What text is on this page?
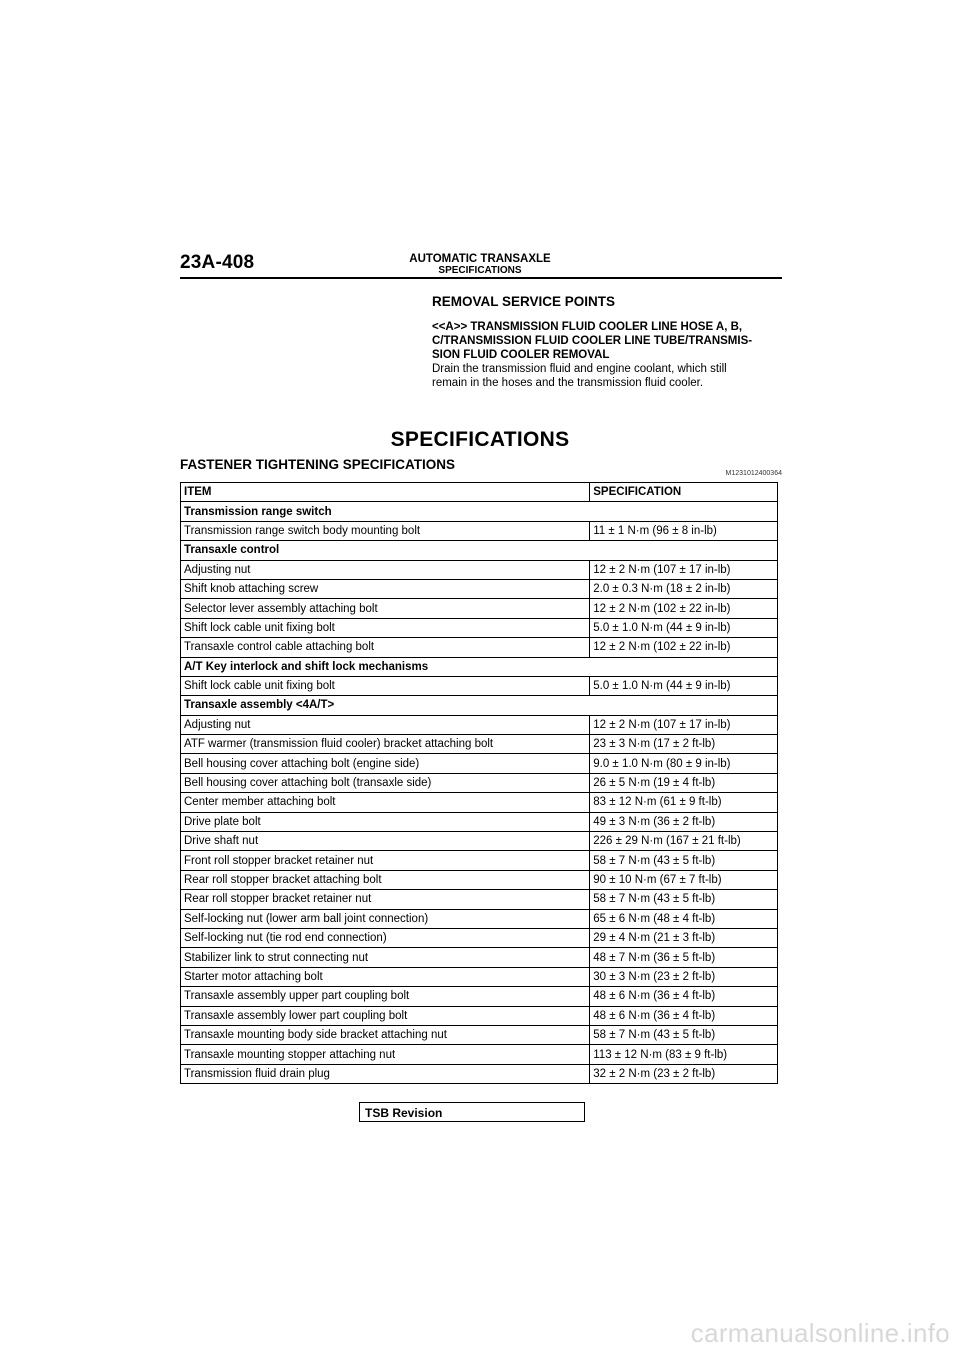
23A-408	AUTOMATIC TRANSAXLE
SPECIFICATIONS
REMOVAL SERVICE POINTS

<<A>> TRANSMISSION FLUID COOLER LINE HOSE A, B,
C/TRANSMISSION FLUID COOLER LINE TUBE/TRANSMIS-
SION FLUID COOLER REMOVAL

Drain the transmission fluid and engine coolant, which still
remain in the hoses and the transmission fluid cooler.

SPECIFICATIONS
FASTENER TIGHTENING SPECIFICATIONS
M1231012400364
ITEM	SPECIFICATION
Transmission range switch	
Transmission range switch body mounting bolt	11 ± 1 N·m (96 ± 8 in-lb)
Transaxle control	
Adjusting nut	12 ± 2 N·m (107 ± 17 in-lb)
Shift knob attaching screw	2.0 ± 0.3 N·m (18 ± 2 in-lb)
Selector lever assembly attaching bolt	12 ± 2 N·m (102 ± 22 in-lb)
Shift lock cable unit fixing bolt	5.0 ± 1.0 N·m (44 ± 9 in-lb)
Transaxle control cable attaching bolt	12 ± 2 N·m (102 ± 22 in-lb)
A/T Key interlock and shift lock mechanisms	
Shift lock cable unit fixing bolt	5.0 ± 1.0 N·m (44 ± 9 in-lb)
Transaxle assembly <4A/T>	
Adjusting nut	12 ± 2 N·m (107 ± 17 in-lb)
ATF warmer (transmission fluid cooler) bracket attaching bolt	23 ± 3 N·m (17 ± 2 ft-lb)
Bell housing cover attaching bolt (engine side)	9.0 ± 1.0 N·m (80 ± 9 in-lb)
Bell housing cover attaching bolt (transaxle side)	26 ± 5 N·m (19 ± 4 ft-lb)
Center member attaching bolt	83 ± 12 N·m (61 ± 9 ft-lb)
Drive plate bolt	49 ± 3 N·m (36 ± 2 ft-lb)
Drive shaft nut	226 ± 29 N·m (167 ± 21 ft-lb)
Front roll stopper bracket retainer nut	58 ± 7 N·m (43 ± 5 ft-lb)
Rear roll stopper bracket attaching bolt	90 ± 10 N·m (67 ± 7 ft-lb)
Rear roll stopper bracket retainer nut	58 ± 7 N·m (43 ± 5 ft-lb)
Self-locking nut (lower arm ball joint connection)	65 ± 6 N·m (48 ± 4 ft-lb)
Self-locking nut (tie rod end connection)	29 ± 4 N·m (21 ± 3 ft-lb)
Stabilizer link to strut connecting nut	48 ± 7 N·m (36 ± 5 ft-lb)
Starter motor attaching bolt	30 ± 3 N·m (23 ± 2 ft-lb)
Transaxle assembly upper part coupling bolt	48 ± 6 N·m (36 ± 4 ft-lb)
Transaxle assembly lower part coupling bolt	48 ± 6 N·m (36 ± 4 ft-lb)
Transaxle mounting body side bracket attaching nut	58 ± 7 N·m (43 ± 5 ft-lb)
Transaxle mounting stopper attaching nut	113 ± 12 N·m (83 ± 9 ft-lb)
Transmission fluid drain plug	32 ± 2 N·m (23 ± 2 ft-lb)
TSB Revision
carmanualsonline.info
